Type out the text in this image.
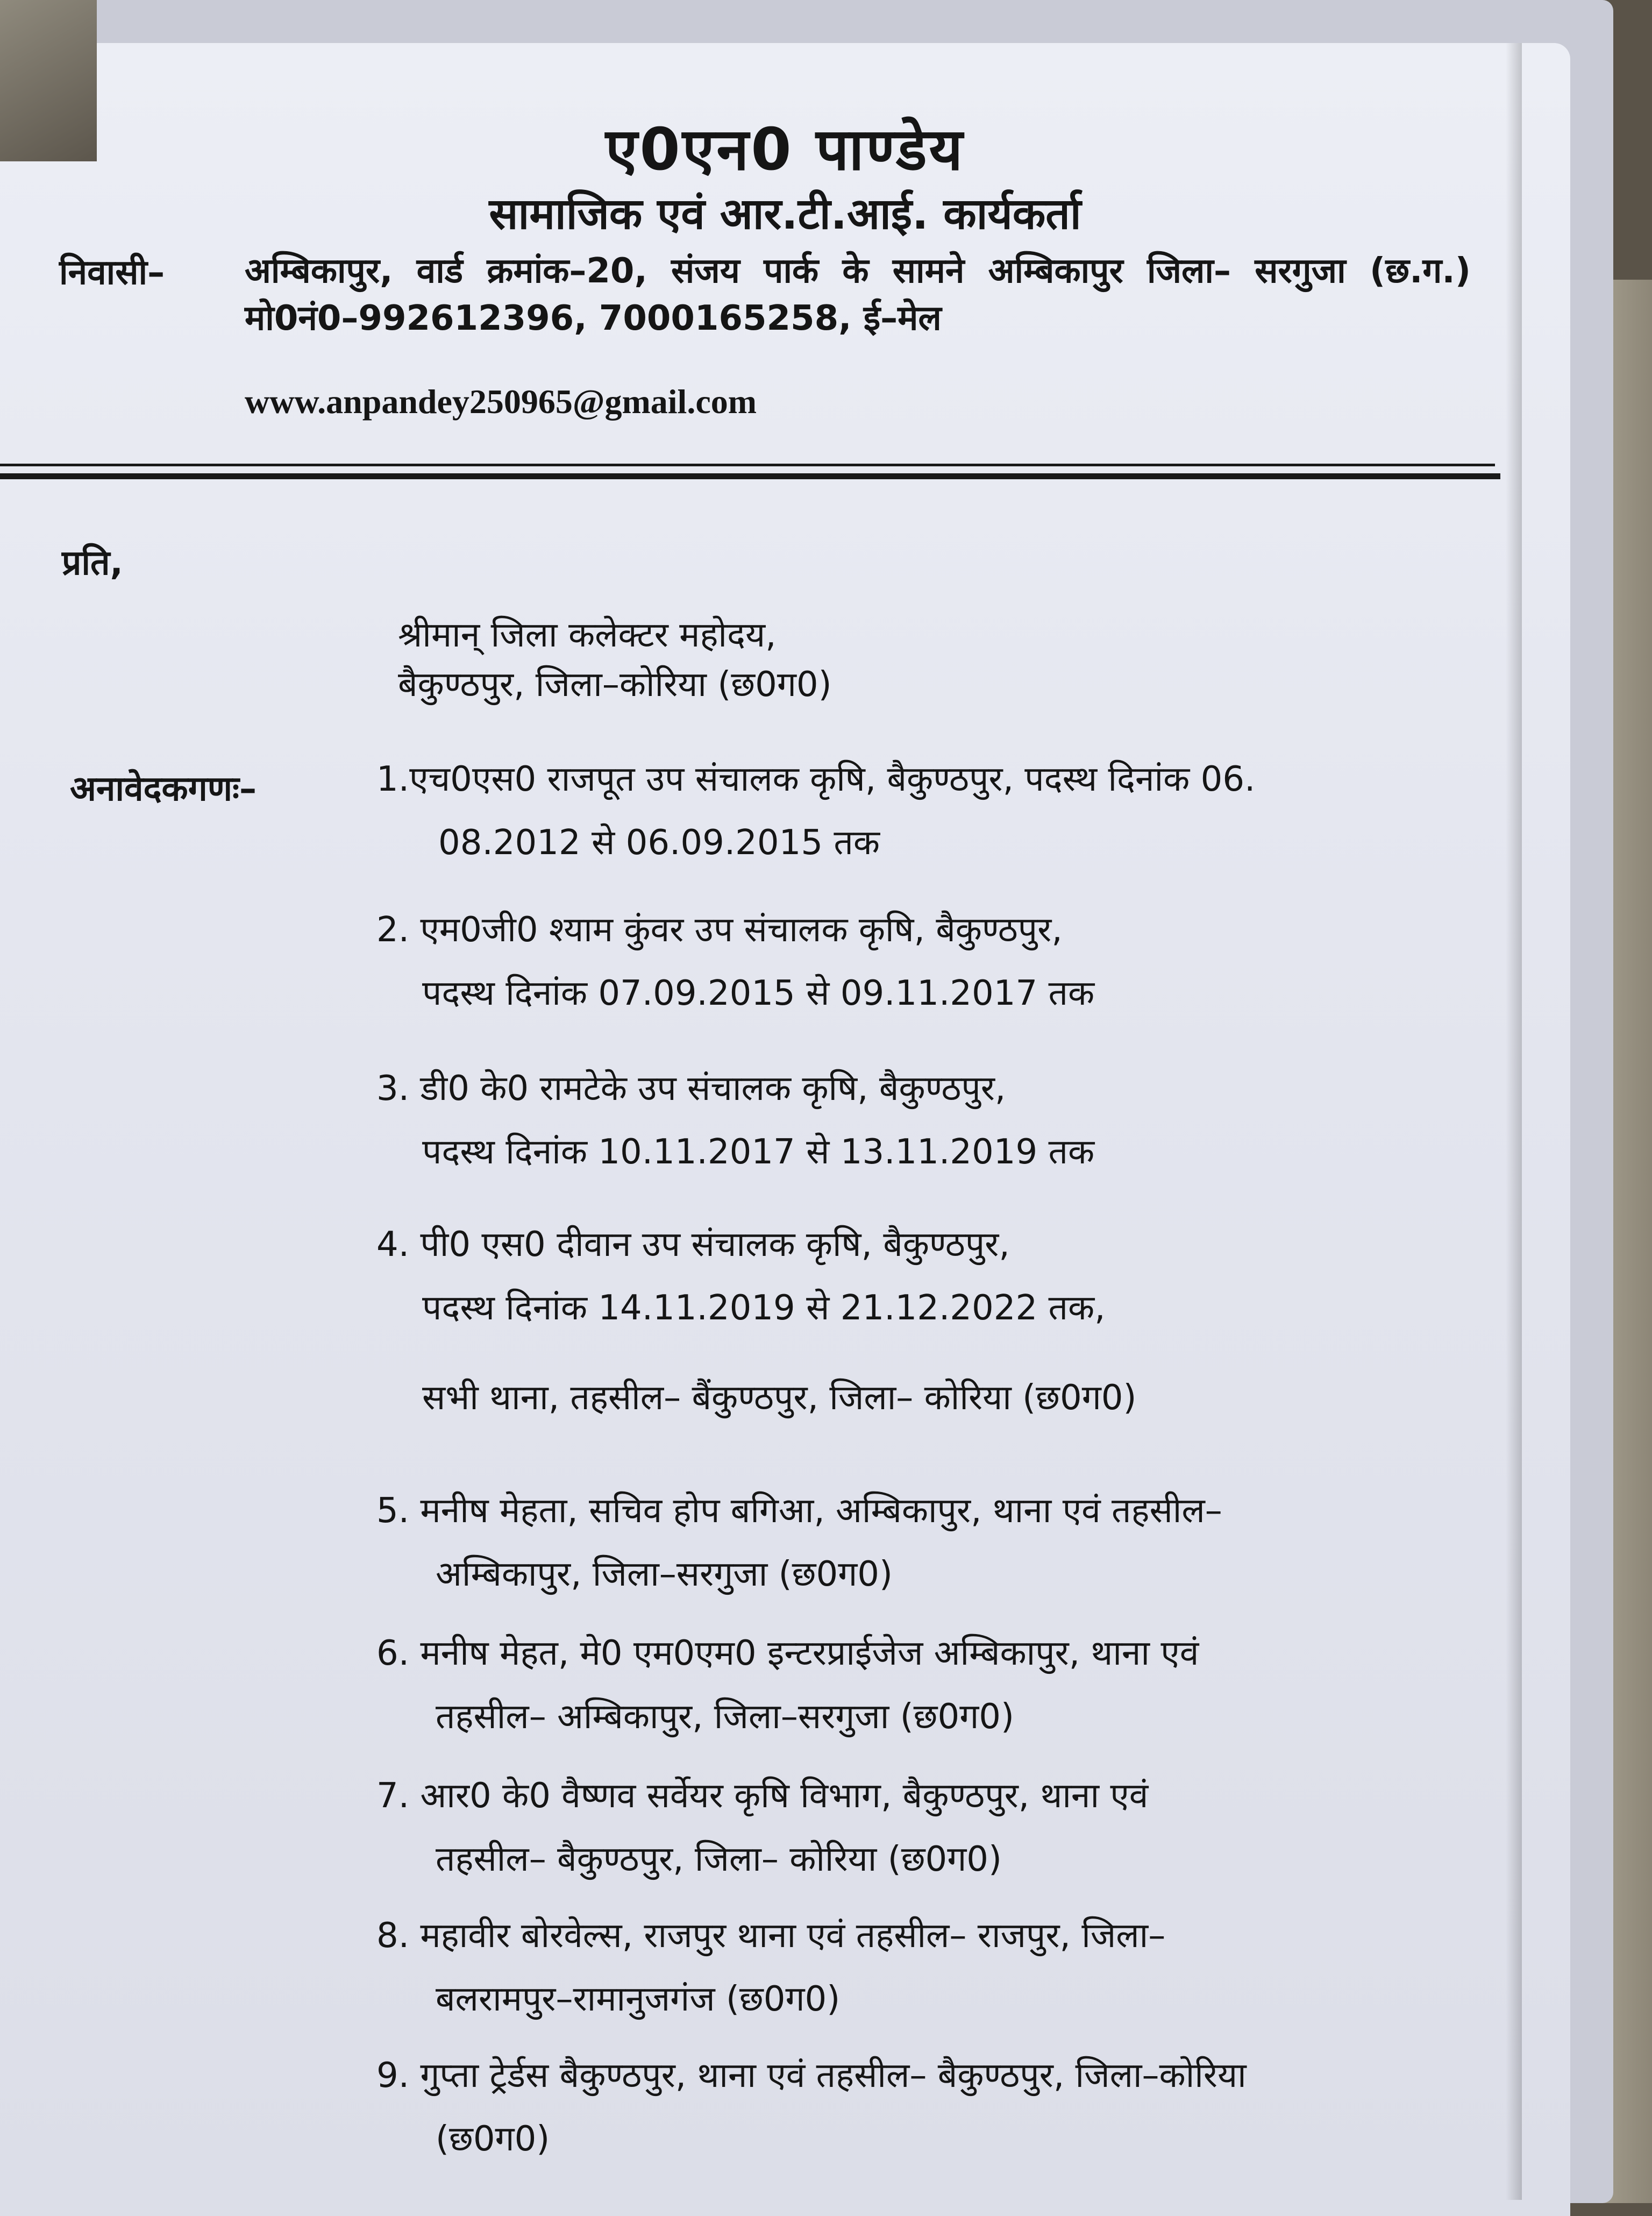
ए0एन0 पाण्डेय
सामाजिक एवं आर.टी.आई. कार्यकर्ता
निवासी– अम्बिकापुर, वार्ड क्रमांक–20, संजय पार्क के सामने अम्बिकापुर जिला– सरगुजा (छ.ग.) मो0नं0–992612396, 7000165258, ई–मेल
www.anpandey250965@gmail.com
प्रति,
श्रीमान् जिला कलेक्टर महोदय,
बैकुण्ठपुर, जिला–कोरिया (छ0ग0)
अनावेदकगणः–	1.एच0एस0 राजपूत उप संचालक कृषि, बैकुण्ठपुर, पदस्थ दिनांक 06.
08.2012 से 06.09.2015 तक
2. एम0जी0 श्याम कुंवर उप संचालक कृषि, बैकुण्ठपुर,
पदस्थ दिनांक 07.09.2015 से 09.11.2017 तक
3. डी0 के0 रामटेके उप संचालक कृषि, बैकुण्ठपुर,
पदस्थ दिनांक 10.11.2017 से 13.11.2019 तक
4. पी0 एस0 दीवान उप संचालक कृषि, बैकुण्ठपुर,
पदस्थ दिनांक 14.11.2019 से 21.12.2022 तक,
सभी थाना, तहसील– बैंकुण्ठपुर, जिला– कोरिया (छ0ग0)
5. मनीष मेहता, सचिव होप बगिआ, अम्बिकापुर, थाना एवं तहसील–
अम्बिकापुर, जिला–सरगुजा (छ0ग0)
6. मनीष मेहत, मे0 एम0एम0 इन्टरप्राईजेज अम्बिकापुर, थाना एवं
तहसील– अम्बिकापुर, जिला–सरगुजा (छ0ग0)
7. आर0 के0 वैष्णव सर्वेयर कृषि विभाग, बैकुण्ठपुर, थाना एवं
तहसील– बैकुण्ठपुर, जिला– कोरिया (छ0ग0)
8. महावीर बोरवेल्स, राजपुर थाना एवं तहसील– राजपुर, जिला–
बलरामपुर–रामानुजगंज (छ0ग0)
9. गुप्ता ट्रेर्डस बैकुण्ठपुर, थाना एवं तहसील– बैकुण्ठपुर, जिला–कोरिया
(छ0ग0)
